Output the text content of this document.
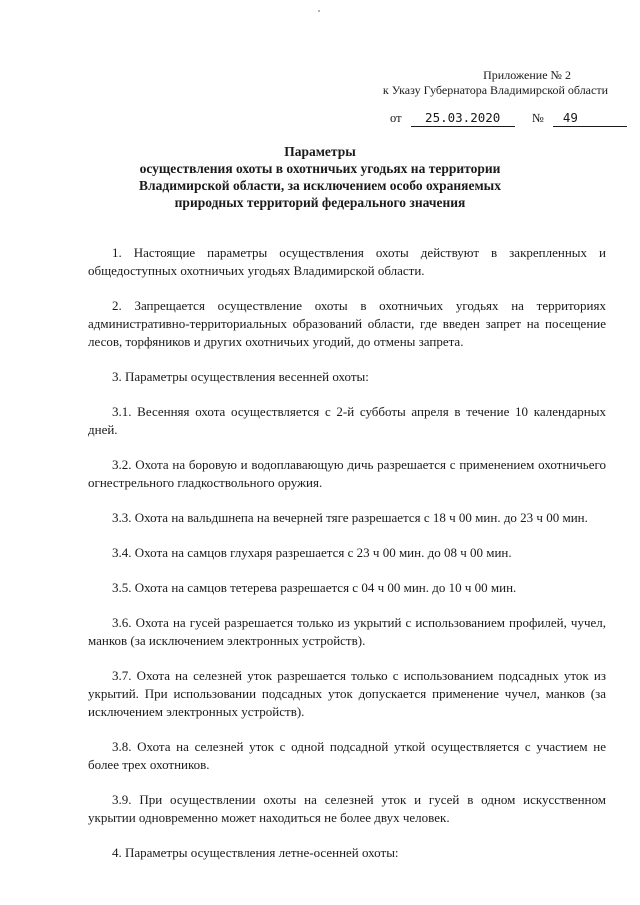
Приложение № 2
к Указу Губернатора Владимирской области
от 25.03.2020	№ 49
Параметры
осуществления охоты в охотничьих угодьях на территории
Владимирской области, за исключением особо охраняемых
природных территорий федерального значения

1. Настоящие параметры осуществления охоты действуют в закрепленных и общедоступных охотничьих угодьях Владимирской области.

2. Запрещается осуществление охоты в охотничьих угодьях на территориях административно-территориальных образований области, где введен запрет на посещение лесов, торфяников и других охотничьих угодий, до отмены запрета.

3. Параметры осуществления весенней охоты:

3.1. Весенняя охота осуществляется с 2-й субботы апреля в течение 10 календарных дней.

3.2. Охота на боровую и водоплавающую дичь разрешается с применением охотничьего огнестрельного гладкоствольного оружия.

3.3. Охота на вальдшнепа на вечерней тяге разрешается с 18 ч 00 мин. до 23 ч 00 мин.

3.4. Охота на самцов глухаря разрешается с 23 ч 00 мин. до 08 ч 00 мин.

3.5. Охота на самцов тетерева разрешается с 04 ч 00 мин. до 10 ч 00 мин.

3.6. Охота на гусей разрешается только из укрытий с использованием профилей, чучел, манков (за исключением электронных устройств).

3.7. Охота на селезней уток разрешается только с использованием подсадных уток из укрытий. При использовании подсадных уток допускается применение чучел, манков (за исключением электронных устройств).

3.8. Охота на селезней уток с одной подсадной уткой осуществляется с участием не более трех охотников.

3.9. При осуществлении охоты на селезней уток и гусей в одном искусственном укрытии одновременно может находиться не более двух человек.

4. Параметры осуществления летне-осенней охоты:
